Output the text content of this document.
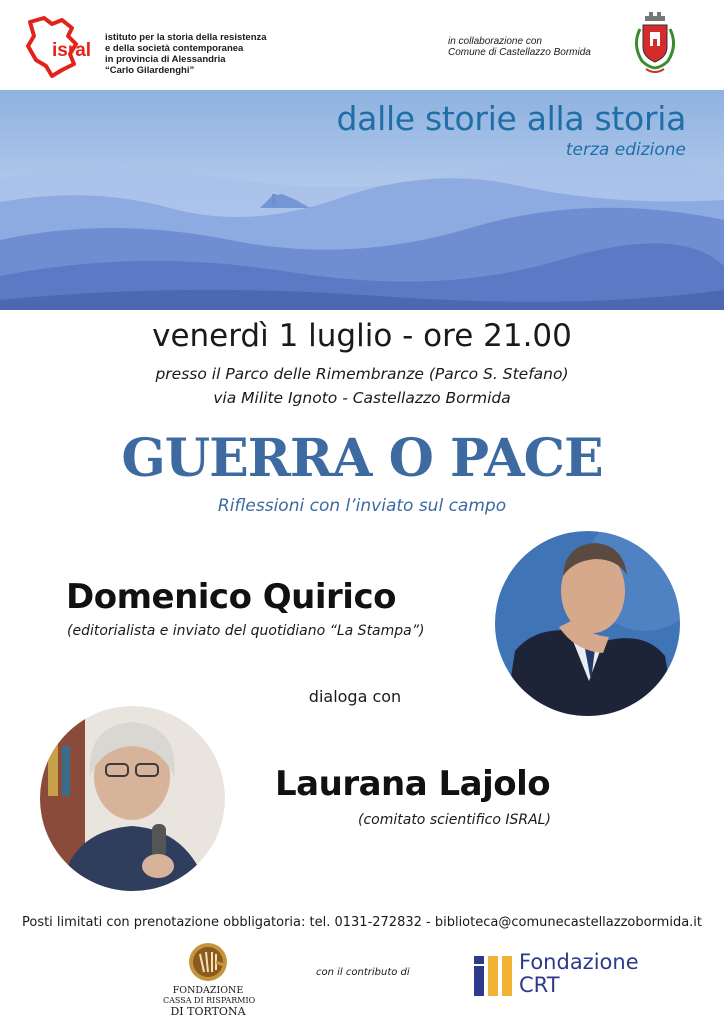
isral
istituto per la storia della resistenza
e della società contemporanea
in provincia di Alessandria
“Carlo Gilardenghi”
in collaborazione con
Comune di Castellazzo Bormida
dalle storie alla storia
terza edizione
venerdì 1 luglio - ore 21.00
presso il Parco delle Rimembranze (Parco S. Stefano)
via Milite Ignoto - Castellazzo Bormida
GUERRA O PACE
Riflessioni con l’inviato sul campo
Domenico Quirico
(editorialista e inviato del quotidiano “La Stampa”)
dialoga con
Laurana Lajolo
(comitato scientifico ISRAL)
Posti limitati con prenotazione obbligatoria: tel. 0131-272832 - biblioteca@comunecastellazzobormida.it
FONDAZIONE
CASSA DI RISPARMIO
DI TORTONA
con il contributo di	Fondazione
CRT
